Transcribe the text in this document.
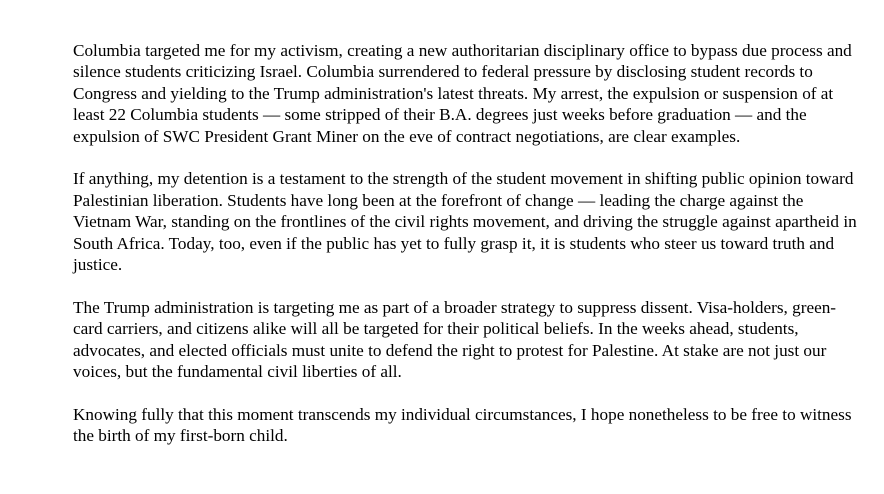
Columbia targeted me for my activism, creating a new authoritarian disciplinary office to bypass due process and silence students criticizing Israel. Columbia surrendered to federal pressure by disclosing student records to Congress and yielding to the Trump administration's latest threats. My arrest, the expulsion or suspension of at least 22 Columbia students — some stripped of their B.A. degrees just weeks before graduation — and the expulsion of SWC President Grant Miner on the eve of contract negotiations, are clear examples.

If anything, my detention is a testament to the strength of the student movement in shifting public opinion toward Palestinian liberation. Students have long been at the forefront of change — leading the charge against the Vietnam War, standing on the frontlines of the civil rights movement, and driving the struggle against apartheid in South Africa. Today, too, even if the public has yet to fully grasp it, it is students who steer us toward truth and justice.

The Trump administration is targeting me as part of a broader strategy to suppress dissent. Visa-holders, green-card carriers, and citizens alike will all be targeted for their political beliefs. In the weeks ahead, students, advocates, and elected officials must unite to defend the right to protest for Palestine. At stake are not just our voices, but the fundamental civil liberties of all.

Knowing fully that this moment transcends my individual circumstances, I hope nonetheless to be free to witness the birth of my first-born child.
